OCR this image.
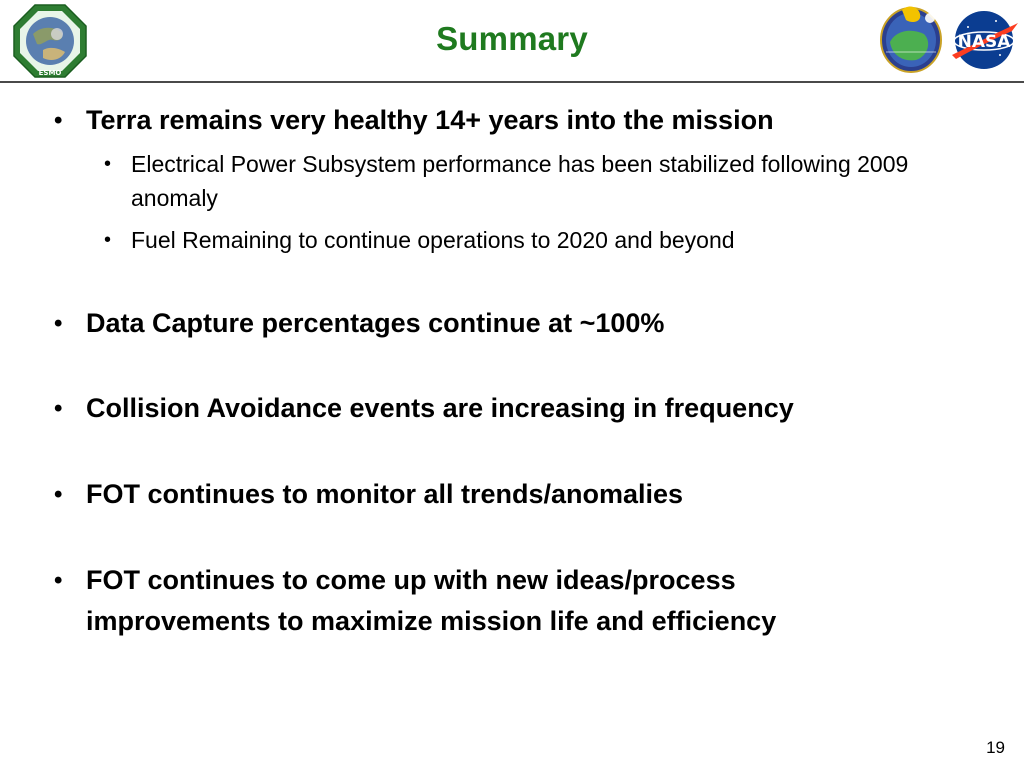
ESMO
Summary	NASA
• Terra remains very healthy 14+ years into the mission
• Electrical Power Subsystem performance has been stabilized following 2009 anomaly
• Fuel Remaining to continue operations to 2020 and beyond
• Data Capture percentages continue at ~100%
• Collision Avoidance events are increasing in frequency
• FOT continues to monitor all trends/anomalies
• FOT continues to come up with new ideas/process improvements to maximize mission life and efficiency
19
